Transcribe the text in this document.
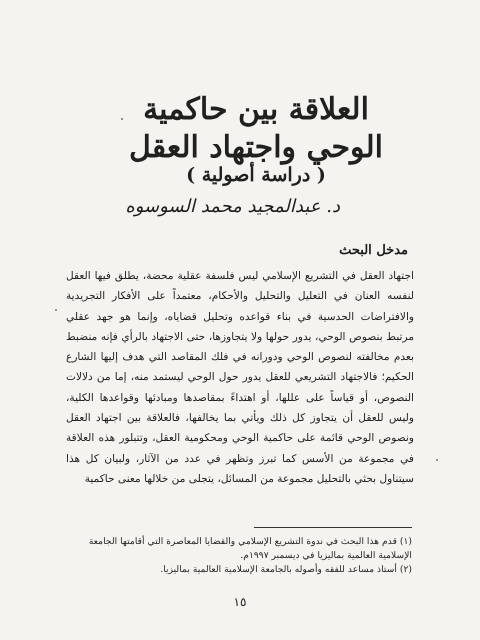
العلاقة بين حاكمية
الوحي واجتهاد العقل
( دراسة أصولية )
د. عبدالمجيد محمد السوسوه
مدخل البحث
اجتهاد العقل في التشريع الإسلامي ليس فلسفة عقلية محضة، يطلق فيها العقل لنفسه العنان في التعليل والتحليل والأحكام، معتمداً على الأفكار التجريدية والافتراضات الحدسية في بناء قواعده وتحليل قضاياه، وإنما هو جهد عقلي مرتبط بنصوص الوحي، يدور حولها ولا يتجاوزها، حتى الاجتهاد بالرأي فإنه منضبط بعدم مخالفته لنصوص الوحي ودورانه في فلك المقاصد التي هدف إليها الشارع الحكيم؛ فالاجتهاد التشريعي للعقل يدور حول الوحي ليستمد منه، إما من دلالات النصوص، أو قياساً على عللها، أو اهتداءً بمقاصدها ومبادئها وقواعدها الكلية، وليس للعقل أن يتجاوز كل ذلك ويأتي بما يخالفها، فالعلاقة بين اجتهاد العقل ونصوص الوحي قائمة على حاكمية الوحي ومحكومية العقل، وتتبلور هذه العلاقة في مجموعة من الأسس كما تبرز وتظهر في عدد من الآثار، ولبيان كل هذا سيتناول بحثي بالتحليل مجموعة من المسائل، يتجلى من خلالها معنى حاكمية
(١) قدم هذا البحث في ندوة التشريع الإسلامي والقضايا المعاصرة التي أقامتها الجامعة الإسلامية العالمية بماليزيا في ديسمبر ١٩٩٧م.
(٢) أستاذ مساعد للفقه وأصوله بالجامعة الإسلامية العالمية بماليزيا.
١٥
